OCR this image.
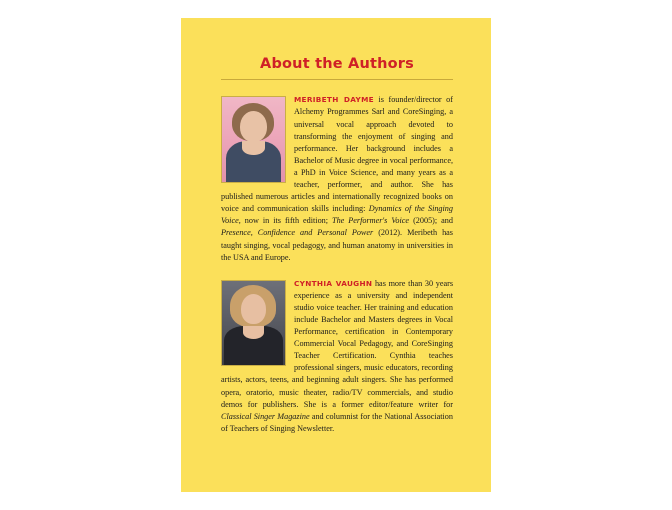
About the Authors
MERIBETH DAYME is founder/director of Alchemy Programmes Sarl and CoreSinging, a universal vocal approach devoted to transforming the enjoyment of singing and performance. Her background includes a Bachelor of Music degree in vocal performance, a PhD in Voice Science, and many years as a teacher, performer, and author. She has published numerous articles and internationally recognized books on voice and communication skills including: Dynamics of the Singing Voice, now in its fifth edition; The Performer's Voice (2005); and Presence, Confidence and Personal Power (2012). Meribeth has taught singing, vocal pedagogy, and human anatomy in universities in the USA and Europe.
CYNTHIA VAUGHN has more than 30 years experience as a university and independent studio voice teacher. Her training and education include Bachelor and Masters degrees in Vocal Performance, certification in Contemporary Commercial Vocal Pedagogy, and CoreSinging Teacher Certification. Cynthia teaches professional singers, music educators, recording artists, actors, teens, and beginning adult singers. She has performed opera, oratorio, music theater, radio/TV commercials, and studio demos for publishers. She is a former editor/feature writer for Classical Singer Magazine and columnist for the National Association of Teachers of Singing Newsletter.
